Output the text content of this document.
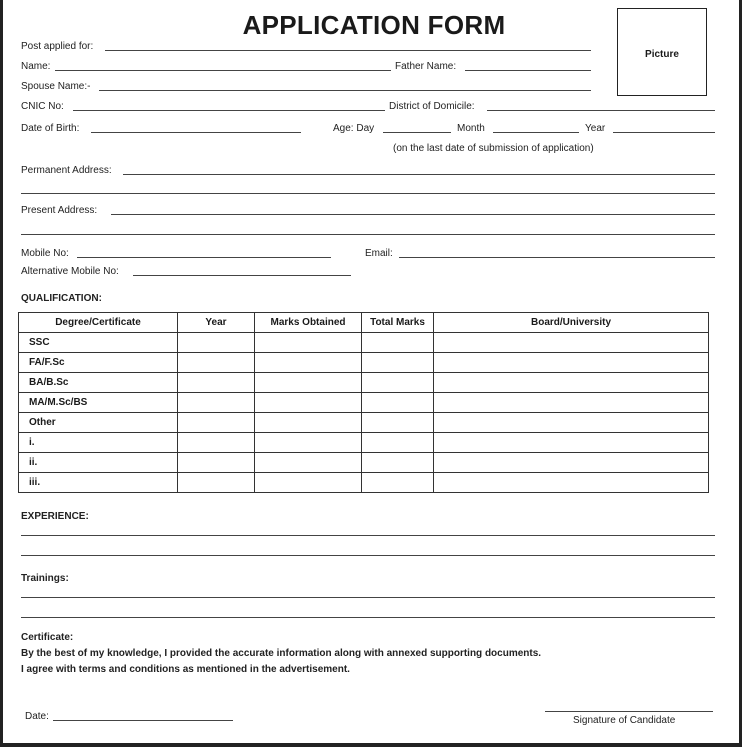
APPLICATION FORM
Picture
Post applied for:
Name:	Father Name:
Spouse Name:-
CNIC No:	District of Domicile:
Date of Birth:	Age: Day	Month	Year
(on the last date of submission of application)
Permanent Address:
Present Address:
Mobile No:	Email:
Alternative Mobile No:
QUALIFICATION:
Degree/Certificate	Year	Marks Obtained	Total Marks	Board/University
SSC				
FA/F.Sc				
BA/B.Sc				
MA/M.Sc/BS				
Other				
i.				
ii.				
iii.				
EXPERIENCE:
Trainings:
Certificate:
By the best of my knowledge, I provided the accurate information along with annexed supporting documents.
I agree with terms and conditions as mentioned in the advertisement.
Date:	Signature of Candidate
